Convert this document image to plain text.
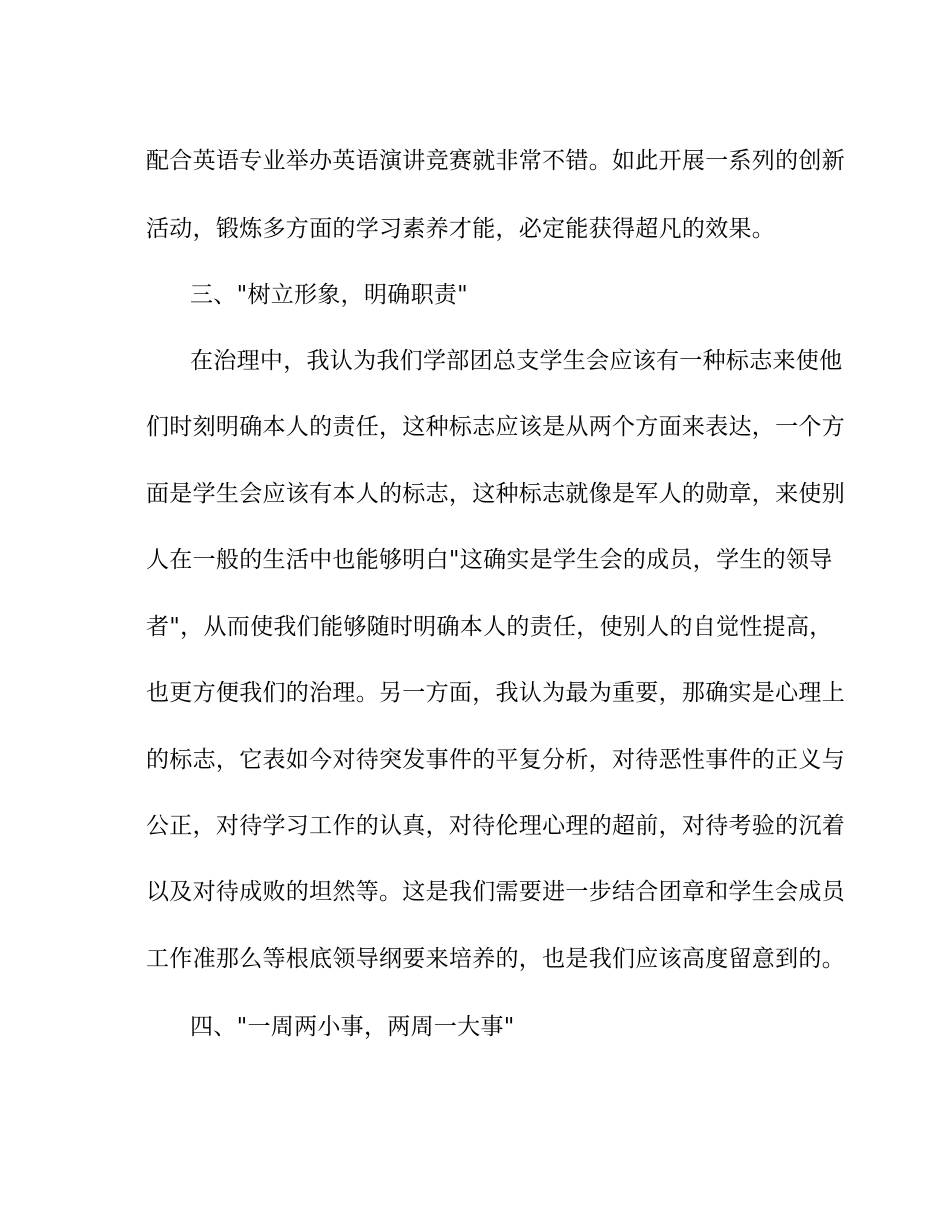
配合英语专业举办英语演讲竞赛就非常不错。如此开展一系列的创新
活动，锻炼多方面的学习素养才能，必定能获得超凡的效果。
三、"树立形象，明确职责"
在治理中，我认为我们学部团总支学生会应该有一种标志来使他
们时刻明确本人的责任，这种标志应该是从两个方面来表达，一个方
面是学生会应该有本人的标志，这种标志就像是军人的勋章，来使别
人在一般的生活中也能够明白"这确实是学生会的成员，学生的领导
者"，从而使我们能够随时明确本人的责任，使别人的自觉性提高，
也更方便我们的治理。另一方面，我认为最为重要，那确实是心理上
的标志，它表如今对待突发事件的平复分析，对待恶性事件的正义与
公正，对待学习工作的认真，对待伦理心理的超前，对待考验的沉着
以及对待成败的坦然等。这是我们需要进一步结合团章和学生会成员
工作准那么等根底领导纲要来培养的，也是我们应该高度留意到的。
四、"一周两小事，两周一大事"
